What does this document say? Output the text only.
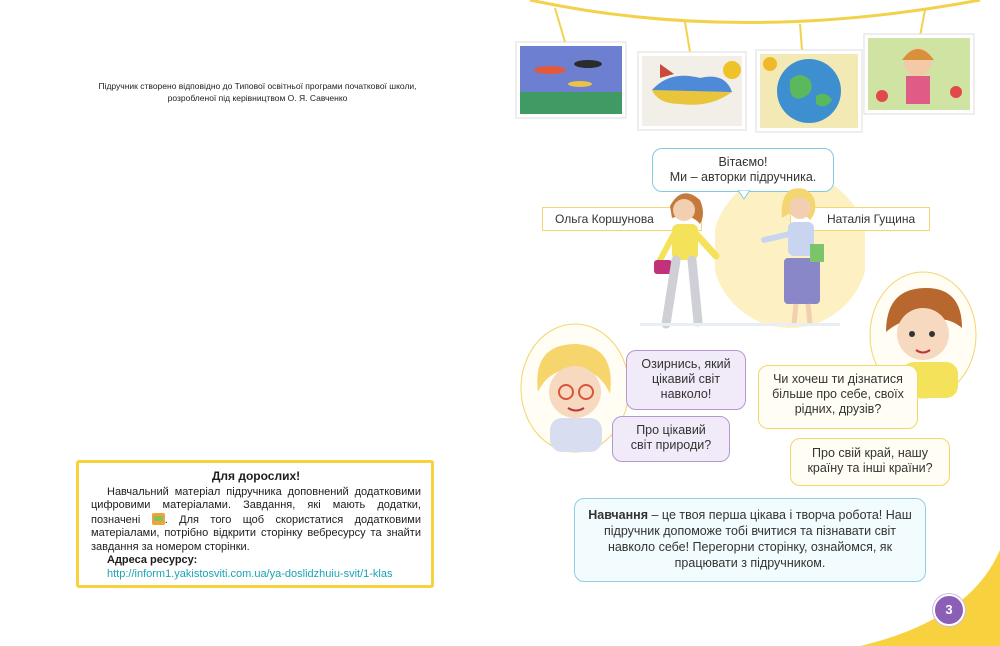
Підручник створено відповідно до Типової освітньої програми початкової школи,
розробленої під керівництвом О. Я. Савченко
Для дорослих!

Навчальний матеріал підручника доповнений додатковими цифровими матеріалами. Завдання, які мають додатки, позначені . Для того щоб скористатися додатковими матеріалами, потрібно відкрити сторінку вебресурсу та знайти завдання за номером сторінки.

Адреса ресурсу:
http://inform1.yakistosviti.com.ua/ya-doslidzhuiu-svit/1-klas
Вітаємо!
Ми – авторки підручника.
Ольга Коршунова	Наталія Гущина
Озирнись, який цікавий світ навколо!
Про цікавий світ природи?
Чи хочеш ти дізнатися більше про себе, своїх рідних, друзів?
Про свій край, нашу країну та інші країни?
Навчання – це твоя перша цікава і творча робота! Наш підручник допоможе тобі вчитися та пізнавати світ навколо себе! Перегорни сторінку, ознайомся, як працювати з підручником.
3
